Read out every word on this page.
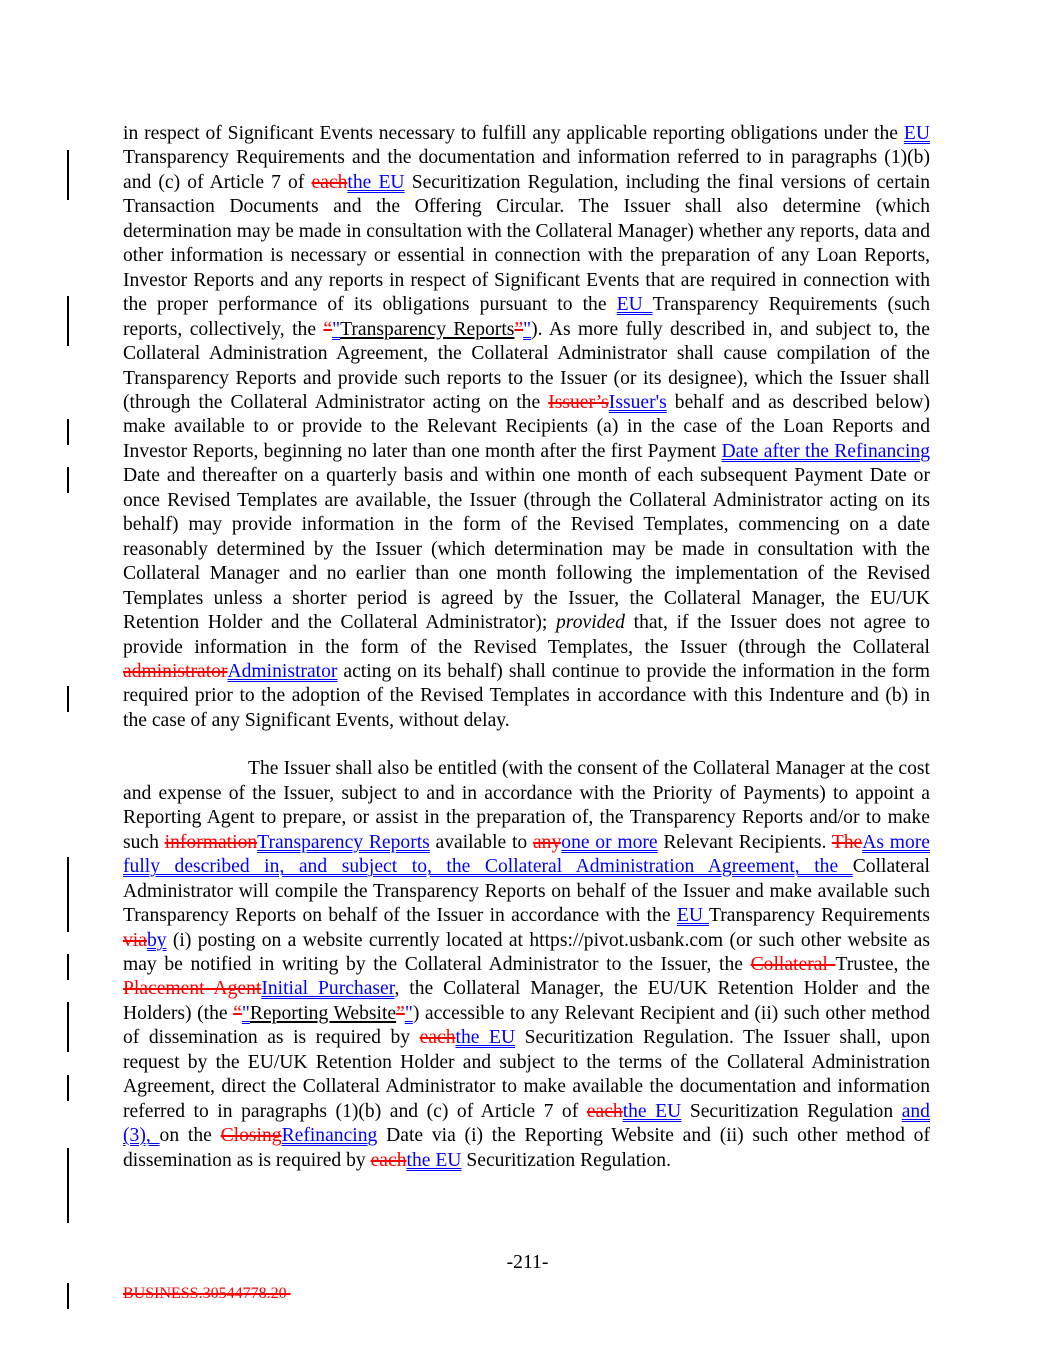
in respect of Significant Events necessary to fulfill any applicable reporting obligations under the EU Transparency Requirements and the documentation and information referred to in paragraphs (1)(b) and (c) of Article 7 of eachthe EU Securitization Regulation, including the final versions of certain Transaction Documents and the Offering Circular. The Issuer shall also determine (which determination may be made in consultation with the Collateral Manager) whether any reports, data and other information is necessary or essential in connection with the preparation of any Loan Reports, Investor Reports and any reports in respect of Significant Events that are required in connection with the proper performance of its obligations pursuant to the EU Transparency Requirements (such reports, collectively, the “"Transparency Reports”"). As more fully described in, and subject to, the Collateral Administration Agreement, the Collateral Administrator shall cause compilation of the Transparency Reports and provide such reports to the Issuer (or its designee), which the Issuer shall (through the Collateral Administrator acting on the Issuer’sIssuer's behalf and as described below) make available to or provide to the Relevant Recipients (a) in the case of the Loan Reports and Investor Reports, beginning no later than one month after the first Payment Date after the Refinancing Date and thereafter on a quarterly basis and within one month of each subsequent Payment Date or once Revised Templates are available, the Issuer (through the Collateral Administrator acting on its behalf) may provide information in the form of the Revised Templates, commencing on a date reasonably determined by the Issuer (which determination may be made in consultation with the Collateral Manager and no earlier than one month following the implementation of the Revised Templates unless a shorter period is agreed by the Issuer, the Collateral Manager, the EU/UK Retention Holder and the Collateral Administrator); provided that, if the Issuer does not agree to provide information in the form of the Revised Templates, the Issuer (through the Collateral administratorAdministrator acting on its behalf) shall continue to provide the information in the form required prior to the adoption of the Revised Templates in accordance with this Indenture and (b) in the case of any Significant Events, without delay.

The Issuer shall also be entitled (with the consent of the Collateral Manager at the cost and expense of the Issuer, subject to and in accordance with the Priority of Payments) to appoint a Reporting Agent to prepare, or assist in the preparation of, the Transparency Reports and/or to make such informationTransparency Reports available to anyone or more Relevant Recipients. TheAs more fully described in, and subject to, the Collateral Administration Agreement, the Collateral Administrator will compile the Transparency Reports on behalf of the Issuer and make available such Transparency Reports on behalf of the Issuer in accordance with the EU Transparency Requirements viaby (i) posting on a website currently located at https://pivot.usbank.com (or such other website as may be notified in writing by the Collateral Administrator to the Issuer, the Collateral Trustee, the Placement AgentInitial Purchaser, the Collateral Manager, the EU/UK Retention Holder and the Holders) (the “"Reporting Website”") accessible to any Relevant Recipient and (ii) such other method of dissemination as is required by eachthe EU Securitization Regulation. The Issuer shall, upon request by the EU/UK Retention Holder and subject to the terms of the Collateral Administration Agreement, direct the Collateral Administrator to make available the documentation and information referred to in paragraphs (1)(b) and (c) of Article 7 of eachthe EU Securitization Regulation and (3), on the ClosingRefinancing Date via (i) the Reporting Website and (ii) such other method of dissemination as is required by eachthe EU Securitization Regulation.

-211-
BUSINESS.30544778.20
